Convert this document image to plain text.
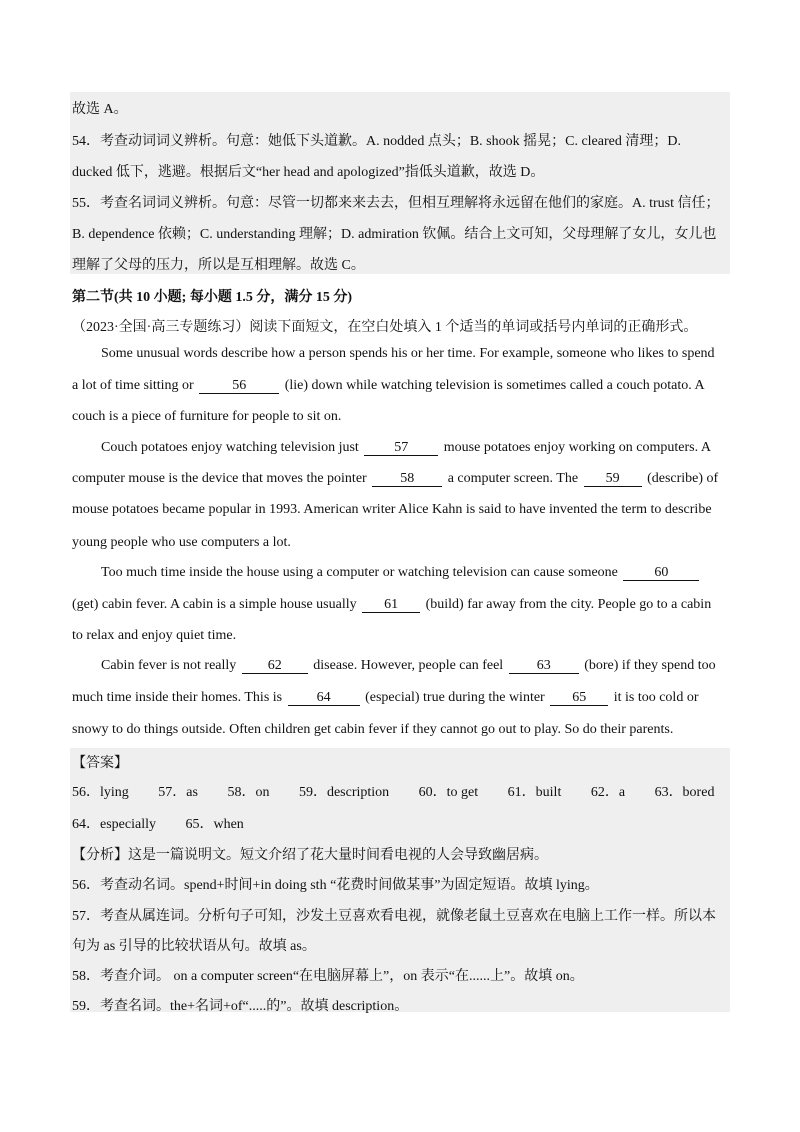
故选 A。
54．考查动词词义辨析。句意：她低下头道歉。A. nodded 点头；B. shook 摇晃；C. cleared 清理；D.
ducked 低下，逃避。根据后文“her head and apologized”指低头道歉，故选 D。
55．考查名词词义辨析。句意：尽管一切都来来去去，但相互理解将永远留在他们的家庭。A. trust 信任；
B. dependence 依赖；C. understanding 理解；D. admiration 钦佩。结合上文可知，父母理解了女儿，女儿也
理解了父母的压力，所以是互相理解。故选 C。
第二节(共 10 小题; 每小题 1.5 分，满分 15 分)
（2023·全国·高三专题练习）阅读下面短文，在空白处填入 1 个适当的单词或括号内单词的正确形式。
Some unusual words describe how a person spends his or her time. For example, someone who likes to spend
a lot of time sitting or	56	(lie) down while watching television is sometimes called a couch potato. A
couch is a piece of furniture for people to sit on.
Couch potatoes enjoy watching television just	57	mouse potatoes enjoy working on computers. A
computer mouse is the device that moves the pointer 58 a computer screen. The 59 (describe) of
mouse potatoes became popular in 1993. American writer Alice Kahn is said to have invented the term to describe
young people who use computers a lot.
Too much time inside the house using a computer or watching television can cause someone	60
(get) cabin fever. A cabin is a simple house usually 61 (build) far away from the city. People go to a cabin
to relax and enjoy quiet time.
Cabin fever is not really 62 disease. However, people can feel 63 (bore) if they spend too
much time inside their homes. This is 64 (especial) true during the winter 65 it is too cold or
snowy to do things outside. Often children get cabin fever if they cannot go out to play. So do their parents.
【答案】
56．lying 57．as 58．on 59．description 60．to get 61．built 62．a 63．bored
64．especially 65．when
【分析】这是一篇说明文。短文介绍了花大量时间看电视的人会导致幽居病。
56．考查动名词。spend+时间+in doing sth “花费时间做某事”为固定短语。故填 lying。
57．考查从属连词。分析句子可知，沙发土豆喜欢看电视，就像老鼠土豆喜欢在电脑上工作一样。所以本
句为 as 引导的比较状语从句。故填 as。
58．考查介词。 on a computer screen“在电脑屏幕上”，on 表示“在......上”。故填 on。
59．考查名词。the+名词+of“.....的”。故填 description。
